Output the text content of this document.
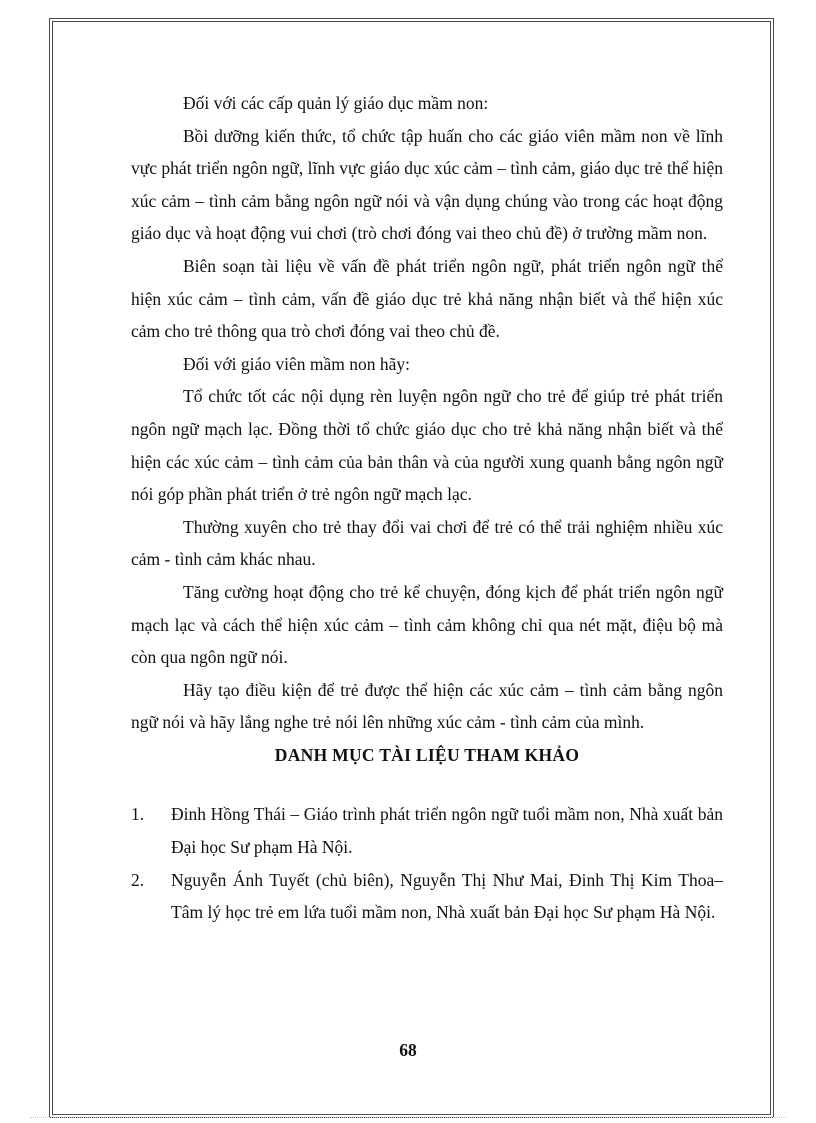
Đối với các cấp quản lý giáo dục mầm non:

Bồi dưỡng kiến thức, tổ chức tập huấn cho các giáo viên mầm non về lĩnh vực phát triển ngôn ngữ, lĩnh vực giáo dục xúc cảm – tình cảm, giáo dục trẻ thể hiện xúc cảm – tình cảm bằng ngôn ngữ nói và vận dụng chúng vào trong các hoạt động giáo dục và hoạt động vui chơi (trò chơi đóng vai theo chủ đề) ở trường mầm non.

Biên soạn tài liệu về vấn đề phát triển ngôn ngữ, phát triển ngôn ngữ thể hiện xúc cảm – tình cảm, vấn đề giáo dục trẻ khả năng nhận biết và thể hiện xúc cảm cho trẻ thông qua trò chơi đóng vai theo chủ đề.

Đối với giáo viên mầm non hãy:

Tổ chức tốt các nội dụng rèn luyện ngôn ngữ cho trẻ để giúp trẻ phát triển ngôn ngữ mạch lạc. Đồng thời tổ chức giáo dục cho trẻ khả năng nhận biết và thể hiện các xúc cảm – tình cảm của bản thân và của người xung quanh bằng ngôn ngữ nói góp phần phát triển ở trẻ ngôn ngữ mạch lạc.

Thường xuyên cho trẻ thay đổi vai chơi để trẻ có thể trải nghiệm nhiều xúc cảm - tình cảm khác nhau.

Tăng cường hoạt động cho trẻ kể chuyện, đóng kịch để phát triển ngôn ngữ mạch lạc và cách thể hiện xúc cảm – tình cảm không chỉ qua nét mặt, điệu bộ mà còn qua ngôn ngữ nói.

Hãy tạo điều kiện để trẻ được thể hiện các xúc cảm – tình cảm bằng ngôn ngữ nói và hãy lắng nghe trẻ nói lên những xúc cảm - tình cảm của mình.

DANH MỤC TÀI LIỆU THAM KHẢO
1.	Đinh Hồng Thái – Giáo trình phát triển ngôn ngữ tuổi mầm non, Nhà xuất bản Đại học Sư phạm Hà Nội.
2.	Nguyễn Ánh Tuyết (chủ biên), Nguyễn Thị Như Mai, Đinh Thị Kim Thoa– Tâm lý học trẻ em lứa tuổi mầm non, Nhà xuất bản Đại học Sư phạm Hà Nội.
68
